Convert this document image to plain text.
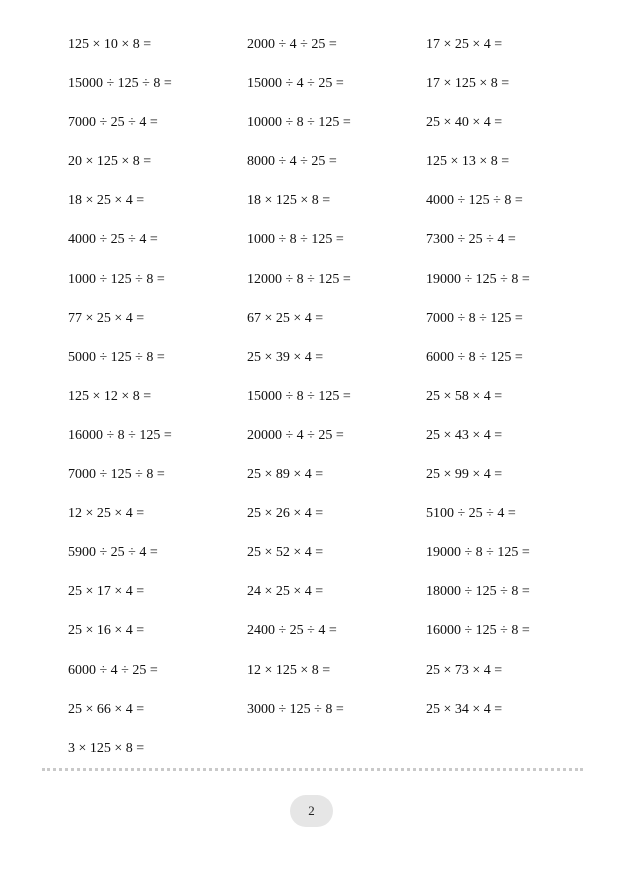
125 × 10 × 8 =	2000 ÷ 4 ÷ 25 =	17 × 25 × 4 =
15000 ÷ 125 ÷ 8 =	15000 ÷ 4 ÷ 25 =	17 × 125 × 8 =
7000 ÷ 25 ÷ 4 =	10000 ÷ 8 ÷ 125 =	25 × 40 × 4 =
20 × 125 × 8 =	8000 ÷ 4 ÷ 25 =	125 × 13 × 8 =
18 × 25 × 4 =	18 × 125 × 8 =	4000 ÷ 125 ÷ 8 =
4000 ÷ 25 ÷ 4 =	1000 ÷ 8 ÷ 125 =	7300 ÷ 25 ÷ 4 =
1000 ÷ 125 ÷ 8 =	12000 ÷ 8 ÷ 125 =	19000 ÷ 125 ÷ 8 =
77 × 25 × 4 =	67 × 25 × 4 =	7000 ÷ 8 ÷ 125 =
5000 ÷ 125 ÷ 8 =	25 × 39 × 4 =	6000 ÷ 8 ÷ 125 =
125 × 12 × 8 =	15000 ÷ 8 ÷ 125 =	25 × 58 × 4 =
16000 ÷ 8 ÷ 125 =	20000 ÷ 4 ÷ 25 =	25 × 43 × 4 =
7000 ÷ 125 ÷ 8 =	25 × 89 × 4 =	25 × 99 × 4 =
12 × 25 × 4 =	25 × 26 × 4 =	5100 ÷ 25 ÷ 4 =
5900 ÷ 25 ÷ 4 =	25 × 52 × 4 =	19000 ÷ 8 ÷ 125 =
25 × 17 × 4 =	24 × 25 × 4 =	18000 ÷ 125 ÷ 8 =
25 × 16 × 4 =	2400 ÷ 25 ÷ 4 =	16000 ÷ 125 ÷ 8 =
6000 ÷ 4 ÷ 25 =	12 × 125 × 8 =	25 × 73 × 4 =
25 × 66 × 4 =	3000 ÷ 125 ÷ 8 =	25 × 34 × 4 =
3 × 125 × 8 =
2
